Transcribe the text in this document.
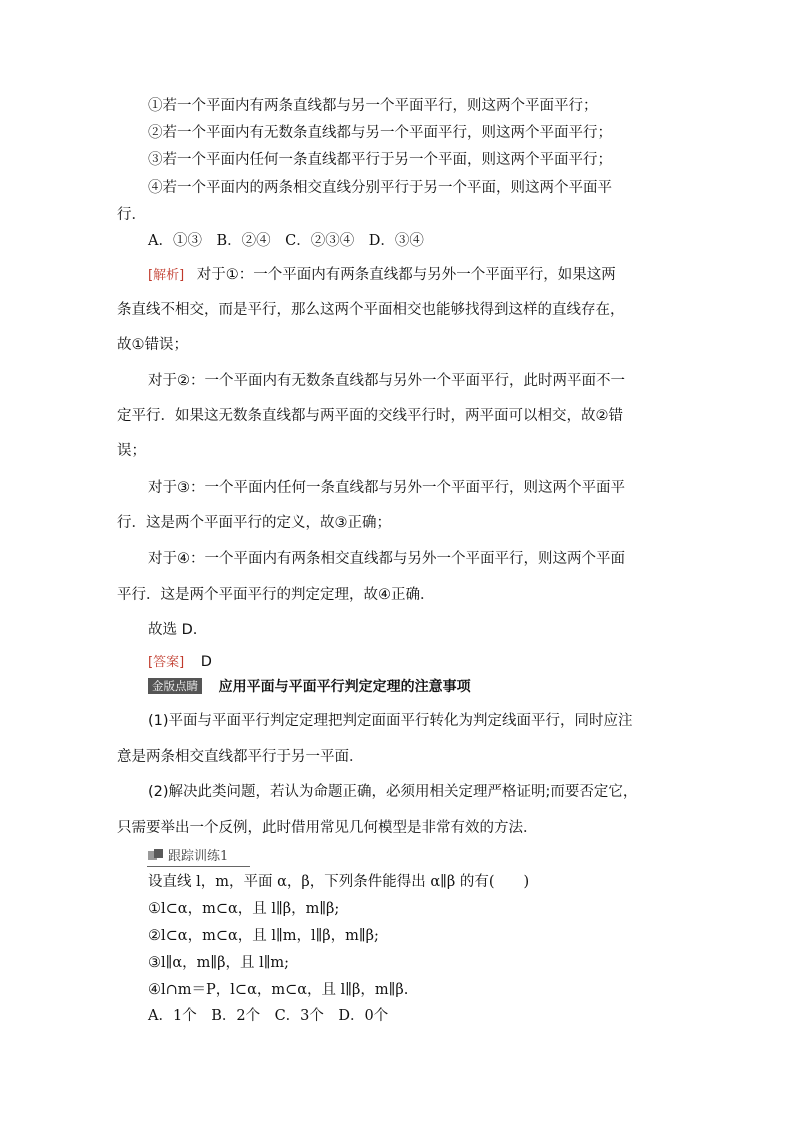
①若一个平面内有两条直线都与另一个平面平行，则这两个平面平行；
②若一个平面内有无数条直线都与另一个平面平行，则这两个平面平行；
③若一个平面内任何一条直线都平行于另一个平面，则这两个平面平行；
④若一个平面内的两条相交直线分别平行于另一个平面，则这两个平面平
行．
A．①③　B．②④　C．②③④　D．③④
[解析] 对于①：一个平面内有两条直线都与另外一个平面平行，如果这两
条直线不相交，而是平行，那么这两个平面相交也能够找得到这样的直线存在，
故①错误；
对于②：一个平面内有无数条直线都与另外一个平面平行，此时两平面不一
定平行．如果这无数条直线都与两平面的交线平行时，两平面可以相交，故②错
误；
对于③：一个平面内任何一条直线都与另外一个平面平行，则这两个平面平
行．这是两个平面平行的定义，故③正确；
对于④：一个平面内有两条相交直线都与另外一个平面平行，则这两个平面
平行．这是两个平面平行的判定定理，故④正确．
故选 D.
[答案] D
金版点睛 应用平面与平面平行判定定理的注意事项
(1)平面与平面平行判定定理把判定面面平行转化为判定线面平行，同时应注
意是两条相交直线都平行于另一平面．
(2)解决此类问题，若认为命题正确，必须用相关定理严格证明;而要否定它，
只需要举出一个反例，此时借用常见几何模型是非常有效的方法．
跟踪训练1
设直线 l，m，平面 α，β，下列条件能得出 α∥β 的有(　　)
①l⊂α，m⊂α，且 l∥β，m∥β;
②l⊂α，m⊂α，且 l∥m，l∥β，m∥β;
③l∥α，m∥β，且 l∥m;
④l∩m＝P，l⊂α，m⊂α，且 l∥β，m∥β.
A．1个　B．2个　C．3个　D．0个
